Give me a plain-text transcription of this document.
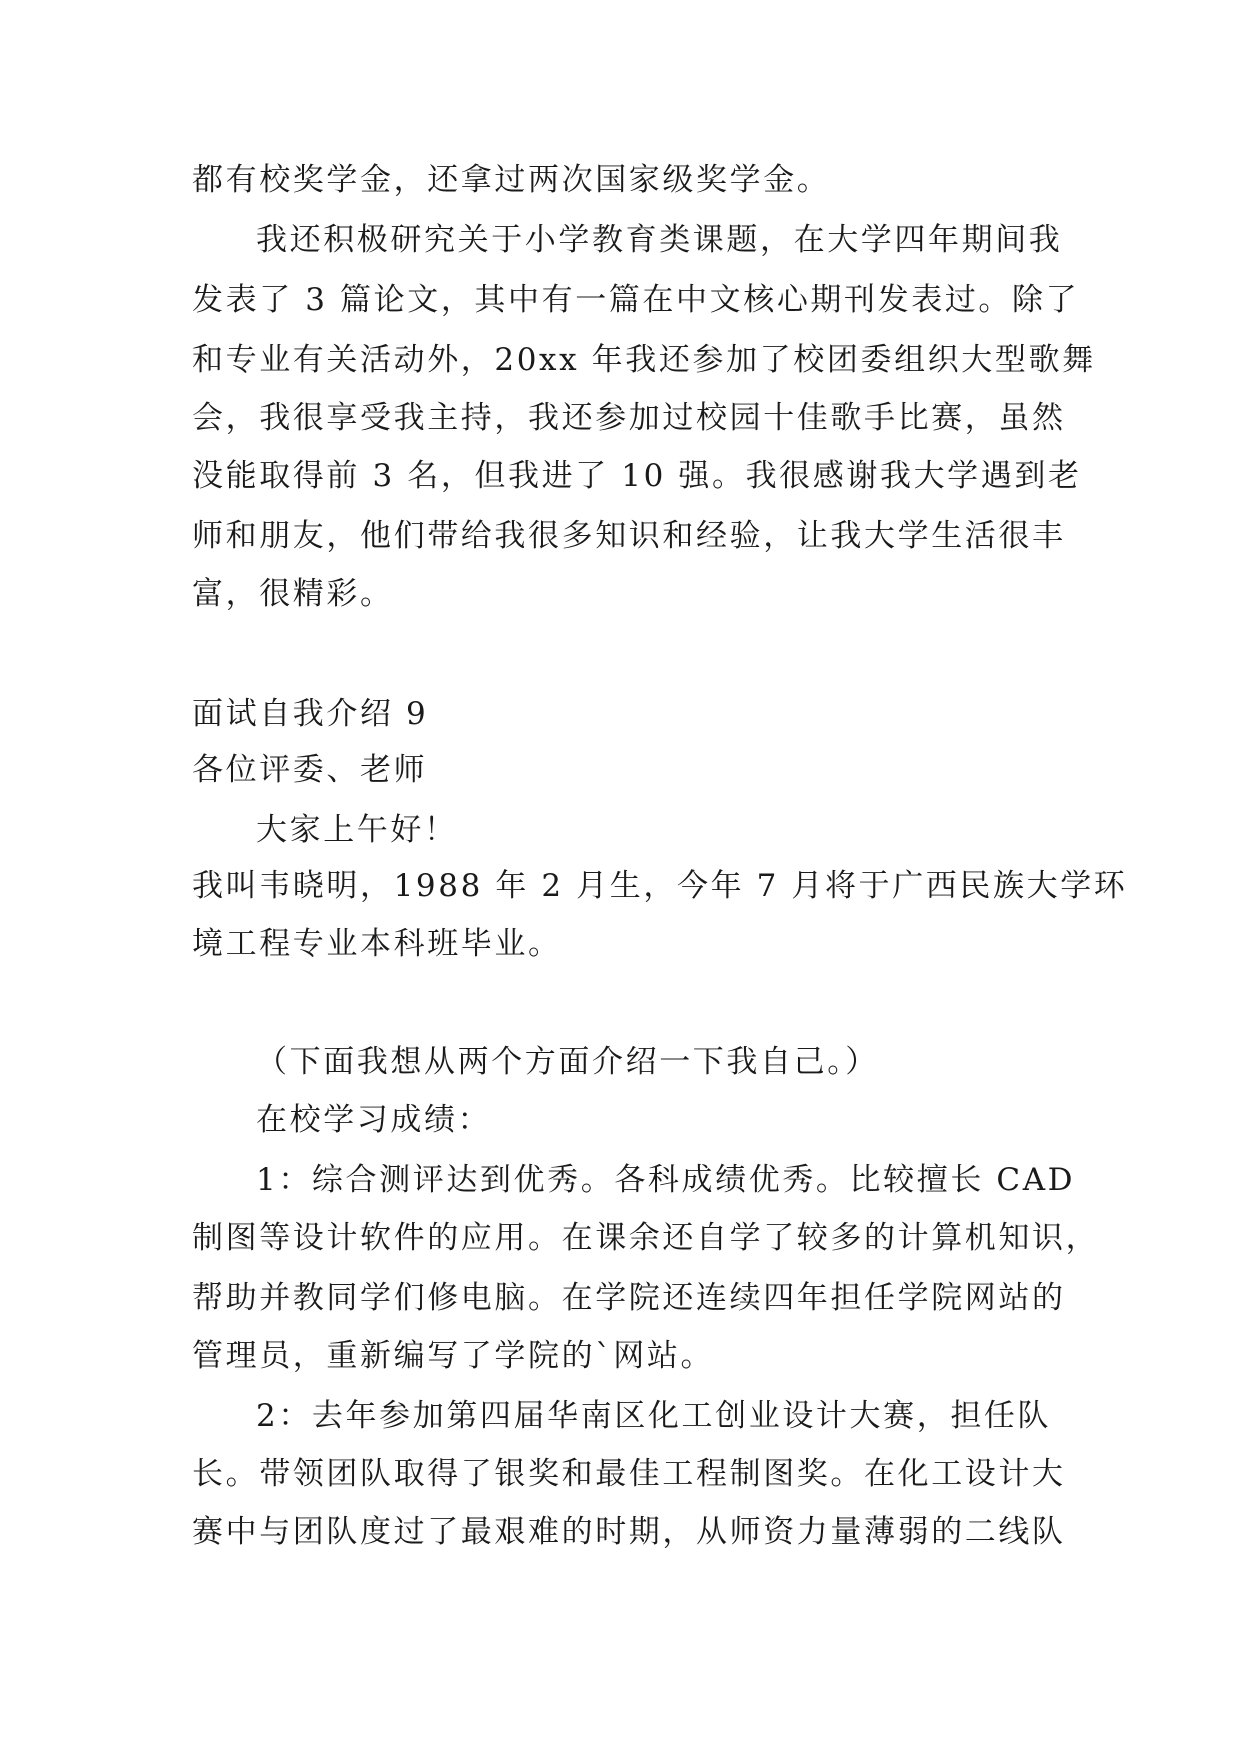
都有校奖学金，还拿过两次国家级奖学金。
我还积极研究关于小学教育类课题，在大学四年期间我
发表了 3 篇论文，其中有一篇在中文核心期刊发表过。除了
和专业有关活动外，20xx 年我还参加了校团委组织大型歌舞
会，我很享受我主持，我还参加过校园十佳歌手比赛，虽然
没能取得前 3 名，但我进了 10 强。我很感谢我大学遇到老
师和朋友，他们带给我很多知识和经验，让我大学生活很丰
富，很精彩。
面试自我介绍 9
各位评委、老师
大家上午好！
我叫韦晓明，1988 年 2 月生，今年 7 月将于广西民族大学环
境工程专业本科班毕业。
（下面我想从两个方面介绍一下我自己。）
在校学习成绩：
1：综合测评达到优秀。各科成绩优秀。比较擅长 CAD
制图等设计软件的应用。在课余还自学了较多的计算机知识，
帮助并教同学们修电脑。在学院还连续四年担任学院网站的
管理员，重新编写了学院的`网站。
2：去年参加第四届华南区化工创业设计大赛，担任队
长。带领团队取得了银奖和最佳工程制图奖。在化工设计大
赛中与团队度过了最艰难的时期，从师资力量薄弱的二线队
